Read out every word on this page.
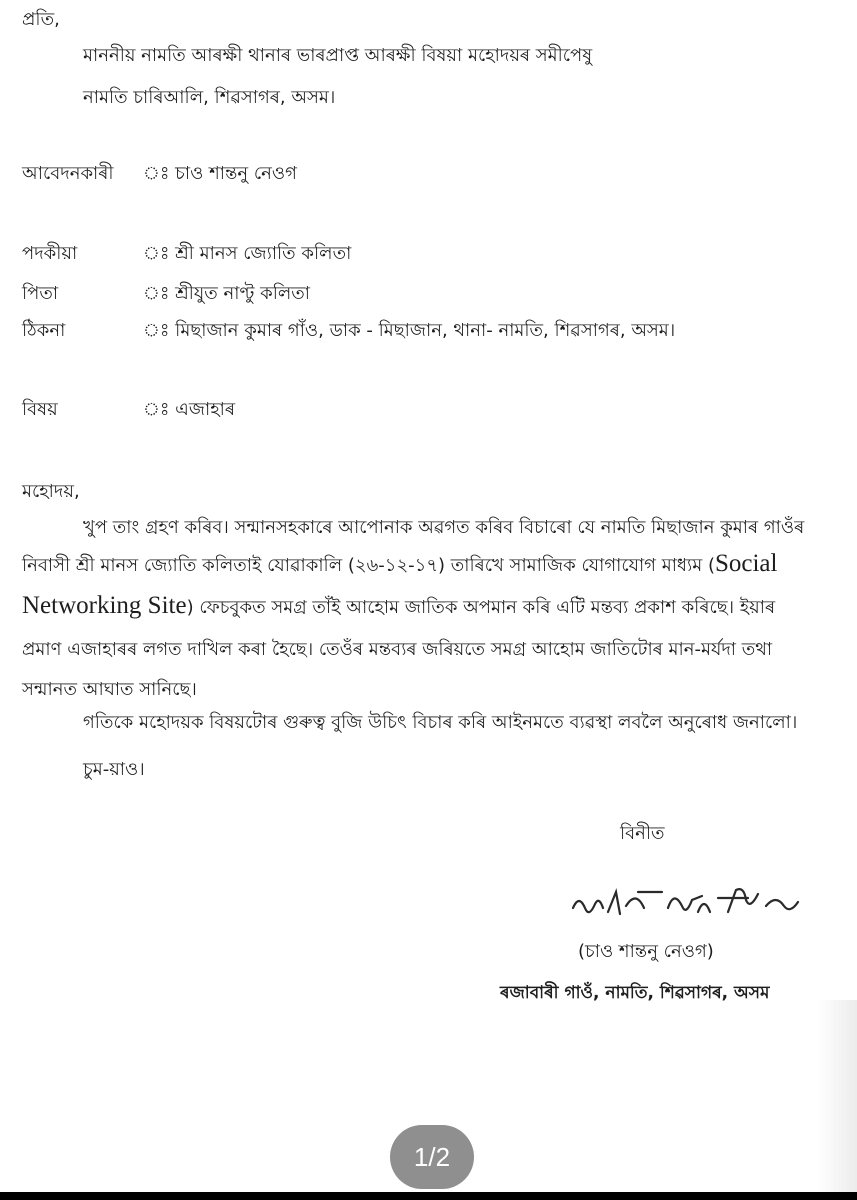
প্ৰতি,
মাননীয় নামতি আৰক্ষী থানাৰ ভাৰপ্ৰাপ্ত আৰক্ষী বিষয়া মহোদয়ৰ সমীপেষু
নামতি চাৰিআলি, শিৱসাগৰ, অসম।
আবেদনকাৰী ঃ চাও শান্তনু নেওগ
পদকীয়া	ঃ শ্ৰী মানস জ্যোতি কলিতা
পিতা	ঃ শ্ৰীযুত নাণ্টু কলিতা
ঠিকনা	ঃ মিছাজান কুমাৰ গাঁও, ডাক - মিছাজান, থানা- নামতি, শিৱসাগৰ, অসম।
বিষয়	ঃ এজাহাৰ
মহোদয়,
খুপ তাং গ্ৰহণ কৰিব। সন্মানসহকাৰে আপোনাক অৱগত কৰিব বিচাৰো যে নামতি মিছাজান কুমাৰ গাওঁৰ
নিবাসী শ্ৰী মানস জ্যোতি কলিতাই যোৱাকালি (২৬-১২-১৭) তাৰিখে সামাজিক যোগাযোগ মাধ্যম (Social
Networking Site) ফেচবুকত সমগ্ৰ তাঁই আহোম জাতিক অপমান কৰি এটি মন্তব্য প্ৰকাশ কৰিছে। ইয়াৰ
প্ৰমাণ এজাহাৰৰ লগত দাখিল কৰা হৈছে। তেওঁৰ মন্তব্যৰ জৰিয়তে সমগ্ৰ আহোম জাতিটোৰ মান-মৰ্যদা তথা
সন্মানত আঘাত সানিছে।
গতিকে মহোদয়ক বিষয়টোৰ গুৰুত্ব বুজি উচিৎ বিচাৰ কৰি আইনমতে ব্যৱস্থা লবলৈ অনুৰোধ জনালো।
চুম-য়াও।
বিনীত
(চাও শান্তনু নেওগ)
ৰজাবাৰী গাওঁ, নামতি, শিৱসাগৰ, অসম
1/2
